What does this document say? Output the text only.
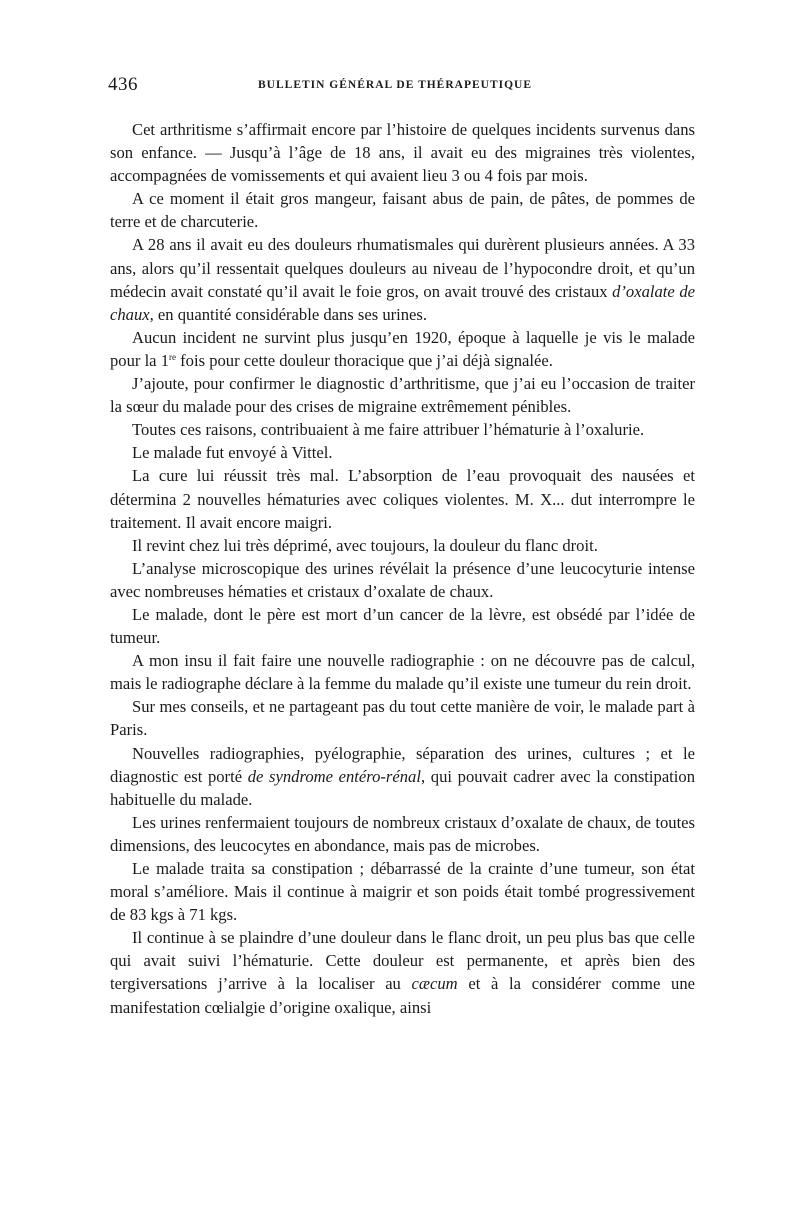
436	BULLETIN GÉNÉRAL DE THÉRAPEUTIQUE

Cet arthritisme s’affirmait encore par l’histoire de quelques incidents survenus dans son enfance. — Jusqu’à l’âge de 18 ans, il avait eu des migraines très violentes, accompagnées de vomissements et qui avaient lieu 3 ou 4 fois par mois.

A ce moment il était gros mangeur, faisant abus de pain, de pâtes, de pommes de terre et de charcuterie.

A 28 ans il avait eu des douleurs rhumatismales qui durèrent plusieurs années. A 33 ans, alors qu’il ressentait quelques douleurs au niveau de l’hypocondre droit, et qu’un médecin avait constaté qu’il avait le foie gros, on avait trouvé des cristaux d’oxalate de chaux, en quantité considérable dans ses urines.

Aucun incident ne survint plus jusqu’en 1920, époque à laquelle je vis le malade pour la 1re fois pour cette douleur thoracique que j’ai déjà signalée.

J’ajoute, pour confirmer le diagnostic d’arthritisme, que j’ai eu l’occasion de traiter la sœur du malade pour des crises de migraine extrêmement pénibles.

Toutes ces raisons, contribuaient à me faire attribuer l’hématurie à l’oxalurie.

Le malade fut envoyé à Vittel.

La cure lui réussit très mal. L’absorption de l’eau provoquait des nausées et détermina 2 nouvelles hématuries avec coliques violentes. M. X... dut interrompre le traitement. Il avait encore maigri.

Il revint chez lui très déprimé, avec toujours, la douleur du flanc droit.

L’analyse microscopique des urines révélait la présence d’une leucocyturie intense avec nombreuses hématies et cristaux d’oxalate de chaux.

Le malade, dont le père est mort d’un cancer de la lèvre, est obsédé par l’idée de tumeur.

A mon insu il fait faire une nouvelle radiographie : on ne découvre pas de calcul, mais le radiographe déclare à la femme du malade qu’il existe une tumeur du rein droit.

Sur mes conseils, et ne partageant pas du tout cette manière de voir, le malade part à Paris.

Nouvelles radiographies, pyélographie, séparation des urines, cultures ; et le diagnostic est porté de syndrome entéro-rénal, qui pouvait cadrer avec la constipation habituelle du malade.

Les urines renfermaient toujours de nombreux cristaux d’oxalate de chaux, de toutes dimensions, des leucocytes en abondance, mais pas de microbes.

Le malade traita sa constipation ; débarrassé de la crainte d’une tumeur, son état moral s’améliore. Mais il continue à maigrir et son poids était tombé progressivement de 83 kgs à 71 kgs.

Il continue à se plaindre d’une douleur dans le flanc droit, un peu plus bas que celle qui avait suivi l’hématurie. Cette douleur est permanente, et après bien des tergiversations j’arrive à la localiser au cæcum et à la considérer comme une manifestation cœlialgie d’origine oxalique, ainsi
